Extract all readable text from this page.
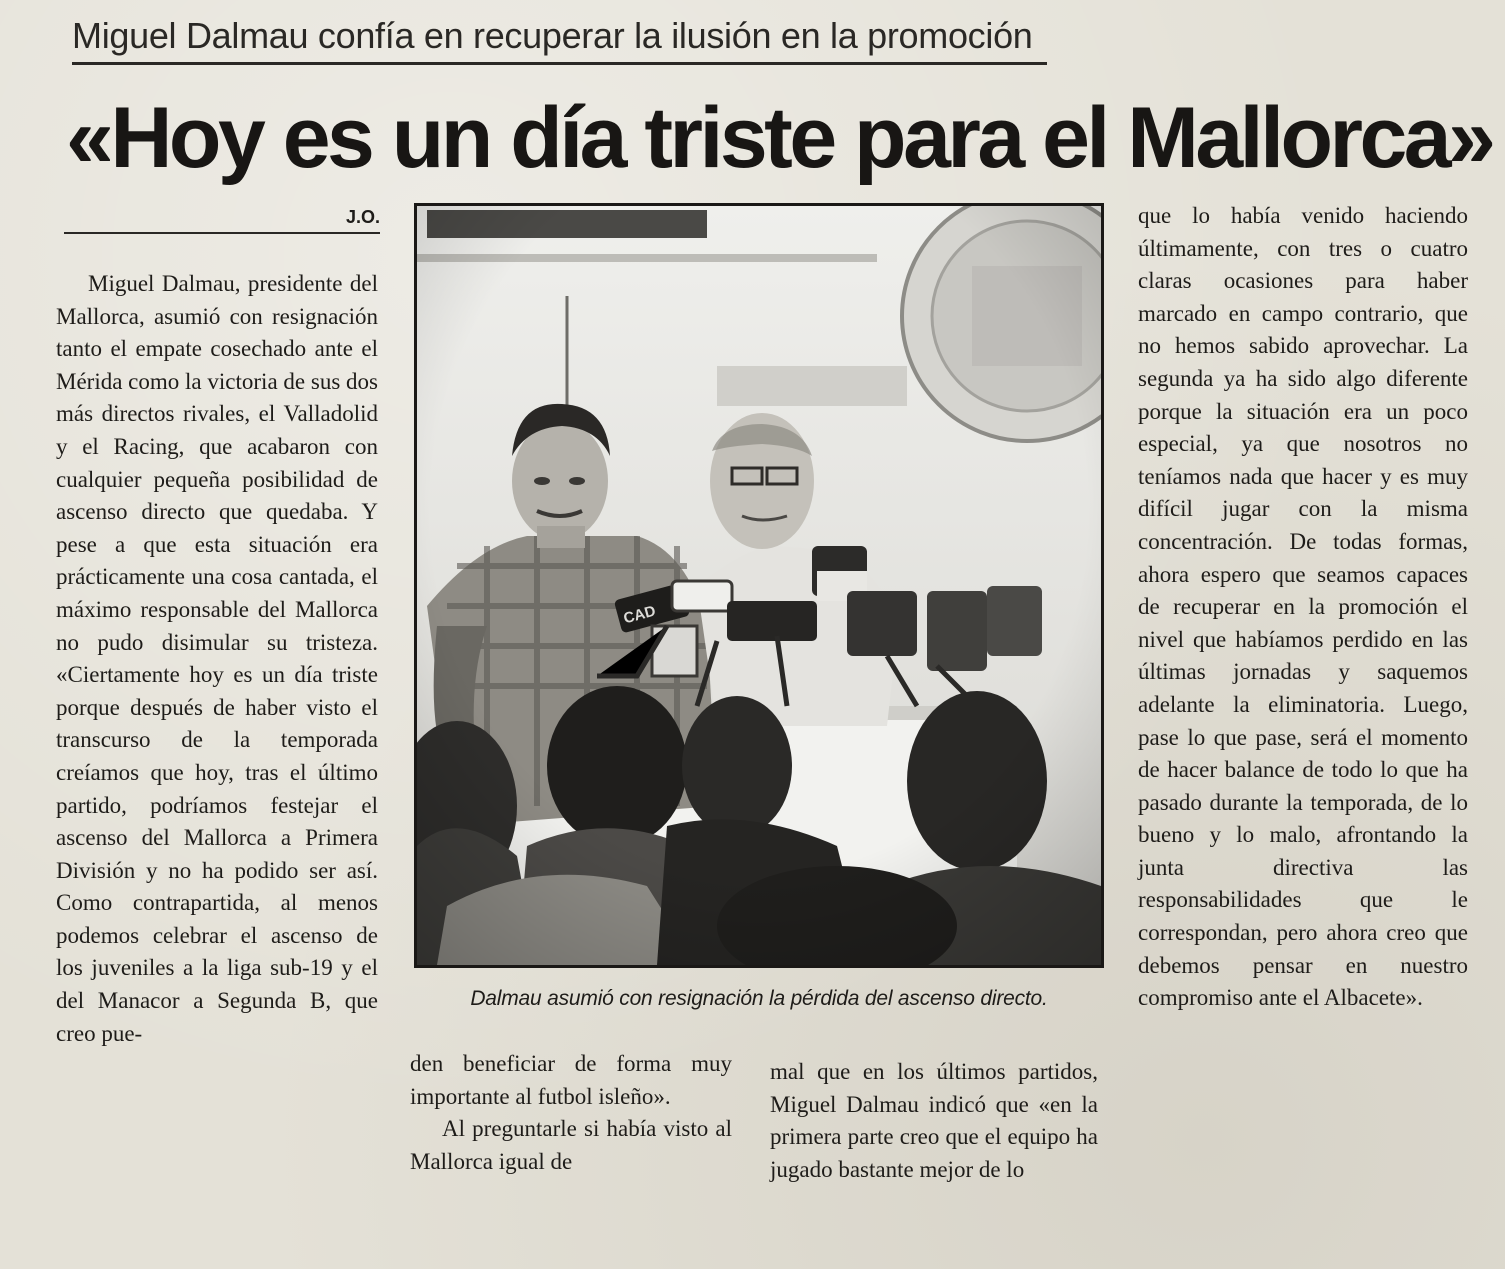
Miguel Dalmau confía en recuperar la ilusión en la promoción
«Hoy es un día triste para el Mallorca»
J.O.

Miguel Dalmau, presidente del Mallorca, asumió con resignación tanto el empate cosechado ante el Mérida como la victoria de sus dos más directos rivales, el Valladolid y el Racing, que acabaron con cualquier pequeña posibilidad de ascenso directo que quedaba. Y pese a que esta situación era prácticamente una cosa cantada, el máximo responsable del Mallorca no pudo disimular su tristeza. «Ciertamente hoy es un día triste porque después de haber visto el transcurso de la temporada creíamos que hoy, tras el último partido, podríamos festejar el ascenso del Mallorca a Primera División y no ha podido ser así. Como contrapartida, al menos podemos celebrar el ascenso de los juveniles a la liga sub-19 y el del Manacor a Segunda B, que creo pue-

Dalmau asumió con resignación la pérdida del ascenso directo.

den beneficiar de forma muy importante al futbol isleño».

Al preguntarle si había visto al Mallorca igual de

mal que en los últimos partidos, Miguel Dalmau indicó que «en la primera parte creo que el equipo ha jugado bastante mejor de lo

que lo había venido haciendo últimamente, con tres o cuatro claras ocasiones para haber marcado en campo contrario, que no hemos sabido aprovechar. La segunda ya ha sido algo diferente porque la situación era un poco especial, ya que nosotros no teníamos nada que hacer y es muy difícil jugar con la misma concentración. De todas formas, ahora espero que seamos capaces de recuperar en la promoción el nivel que habíamos perdido en las últimas jornadas y saquemos adelante la eliminatoria. Luego, pase lo que pase, será el momento de hacer balance de todo lo que ha pasado durante la temporada, de lo bueno y lo malo, afrontando la junta directiva las responsabilidades que le correspondan, pero ahora creo que debemos pensar en nuestro compromiso ante el Albacete».
